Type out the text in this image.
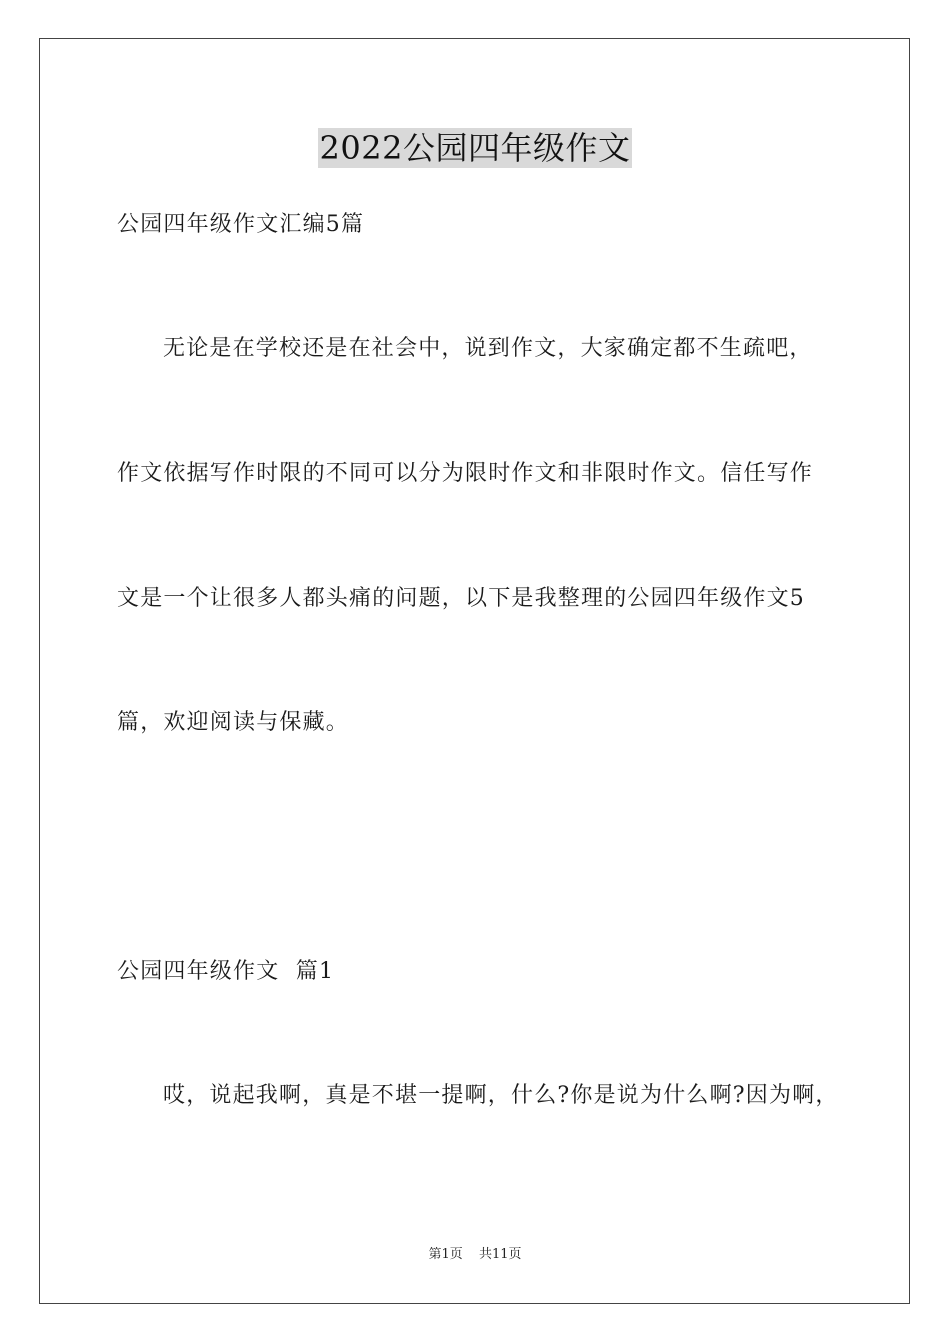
2022公园四年级作文
公园四年级作文汇编5篇
无论是在学校还是在社会中，说到作文，大家确定都不生疏吧，
作文依据写作时限的不同可以分为限时作文和非限时作文。信任写作
文是一个让很多人都头痛的问题，以下是我整理的公园四年级作文5
篇，欢迎阅读与保藏。
公园四年级作文  篇1
哎，说起我啊，真是不堪一提啊，什么?你是说为什么啊?因为啊，
第1页 共11页
